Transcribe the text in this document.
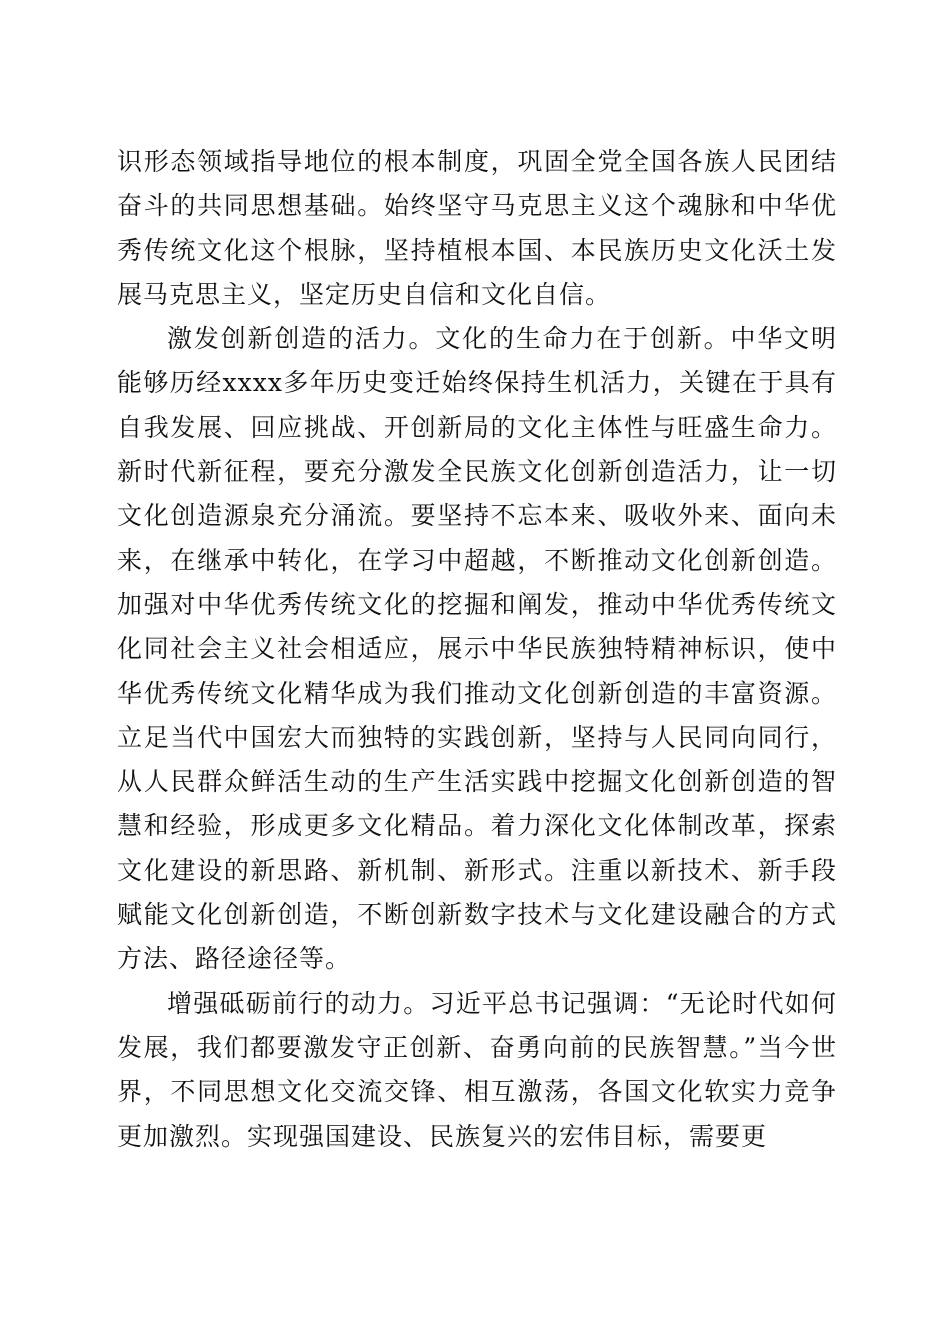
识形态领域指导地位的根本制度，巩固全党全国各族人民团结奋斗的共同思想基础。始终坚守马克思主义这个魂脉和中华优秀传统文化这个根脉，坚持植根本国、本民族历史文化沃土发展马克思主义，坚定历史自信和文化自信。

激发创新创造的活力。文化的生命力在于创新。中华文明能够历经xxxx多年历史变迁始终保持生机活力，关键在于具有自我发展、回应挑战、开创新局的文化主体性与旺盛生命力。新时代新征程，要充分激发全民族文化创新创造活力，让一切文化创造源泉充分涌流。要坚持不忘本来、吸收外来、面向未来，在继承中转化，在学习中超越，不断推动文化创新创造。加强对中华优秀传统文化的挖掘和阐发，推动中华优秀传统文化同社会主义社会相适应，展示中华民族独特精神标识，使中华优秀传统文化精华成为我们推动文化创新创造的丰富资源。立足当代中国宏大而独特的实践创新，坚持与人民同向同行，从人民群众鲜活生动的生产生活实践中挖掘文化创新创造的智慧和经验，形成更多文化精品。着力深化文化体制改革，探索文化建设的新思路、新机制、新形式。注重以新技术、新手段赋能文化创新创造，不断创新数字技术与文化建设融合的方式方法、路径途径等。

增强砥砺前行的动力。习近平总书记强调：“无论时代如何发展，我们都要激发守正创新、奋勇向前的民族智慧。”当今世界，不同思想文化交流交锋、相互激荡，各国文化软实力竞争更加激烈。实现强国建设、民族复兴的宏伟目标，需要更
